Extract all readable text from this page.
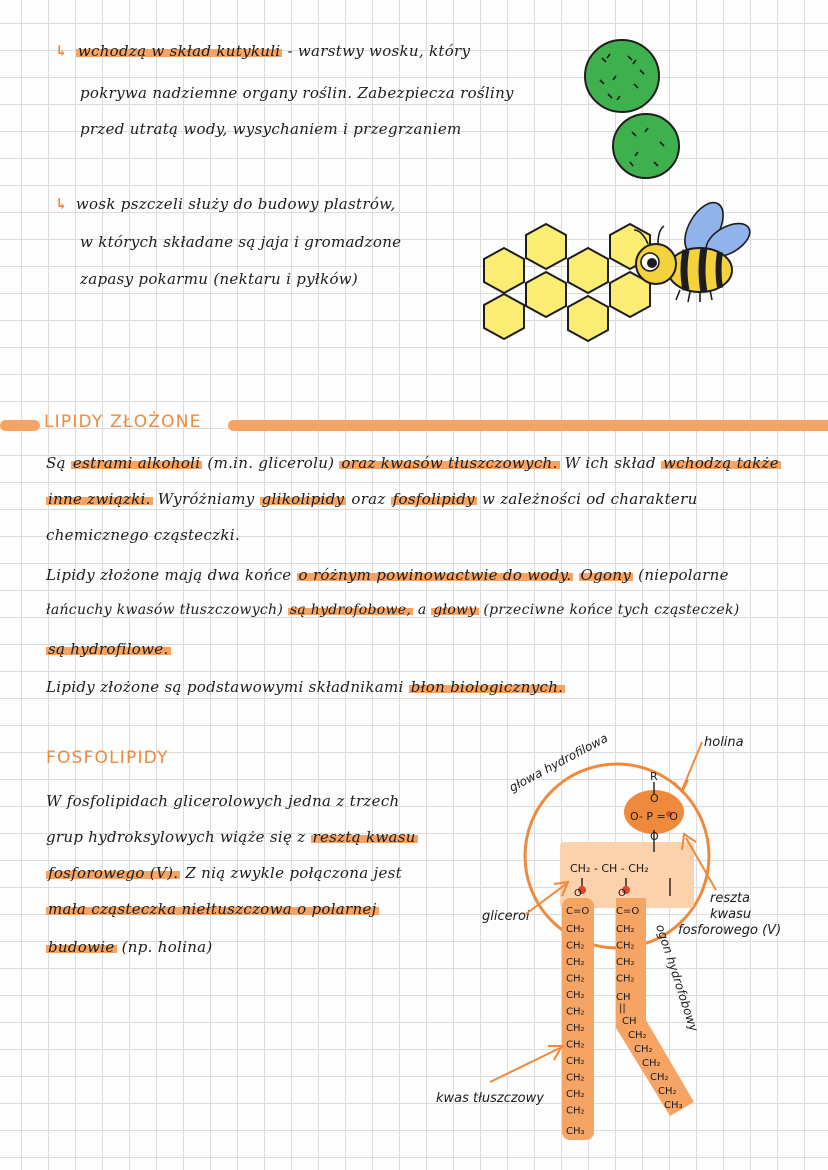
↳ wchodzą w skład kutykuli - warstwy wosku, który
pokrywa nadziemne organy roślin. Zabezpiecza rośliny
przed utratą wody, wysychaniem i przegrzaniem
↳ wosk pszczeli służy do budowy plastrów,
w których składane są jaja i gromadzone
zapasy pokarmu (nektaru i pyłków)
LIPIDY ZŁOŻONE
Są estrami alkoholi (m.in. glicerolu) oraz kwasów tłuszczowych. W ich skład wchodzą także
inne związki. Wyróżniamy glikolipidy oraz fosfolipidy w zależności od charakteru
chemicznego cząsteczki.
Lipidy złożone mają dwa końce o różnym powinowactwie do wody. Ogony (niepolarne
łańcuchy kwasów tłuszczowych) są hydrofobowe, a głowy (przeciwne końce tych cząsteczek)
są hydrofilowe.
Lipidy złożone są podstawowymi składnikami błon biologicznych.
FOSFOLIPIDY
W fosfolipidach glicerolowych jedna z trzech
grup hydroksylowych wiąże się z resztą kwasu
fosforowego (V). Z nią zwykle połączona jest
mała cząsteczka niełtuszczowa o polarnej
budowie (np. holina)
głowa hydrofilowa	holina
R
O
O- P = O
O
CH₂ - CH - CH₂
glicerol
reszta
kwasu
fosforowego (V)
ogon hydrofobowy
kwas tłuszczowy
O
C=O
CH₂
CH₂
CH₂
CH₂
CH₂
CH₂
CH₂
CH₂
CH₂
CH₂
CH₂
CH₂
CH₃
O
C=O
CH₂
CH₂
CH₂
CH₂
CH
||
CH
CH₂
CH₂
CH₂
CH₂
CH₂
CH₃
